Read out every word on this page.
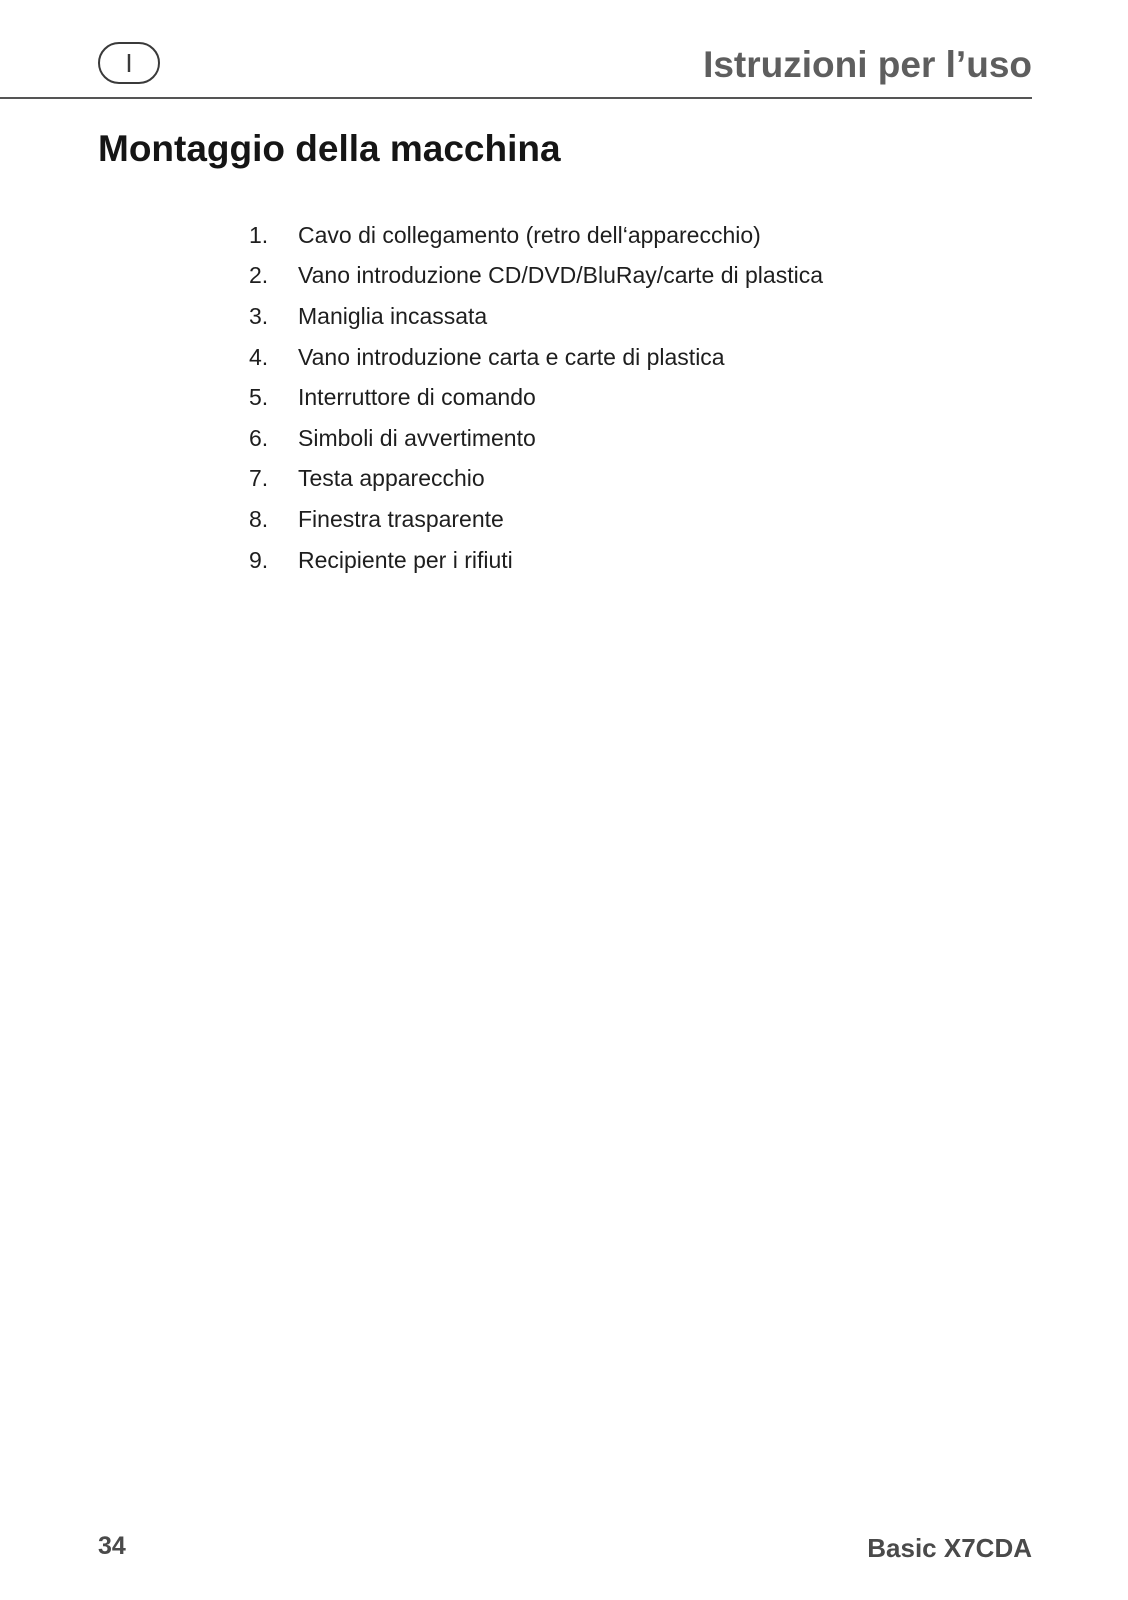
I	Istruzioni per l’uso
Montaggio della macchina
1.	Cavo di collegamento (retro dell‘apparecchio)
2.	Vano introduzione CD/DVD/BluRay/carte di plastica
3.	Maniglia incassata
4.	Vano introduzione carta e carte di plastica
5.	Interruttore di comando
6.	Simboli di avvertimento
7.	Testa apparecchio
8.	Finestra trasparente
9.	Recipiente per i rifiuti
34	Basic X7CDA
